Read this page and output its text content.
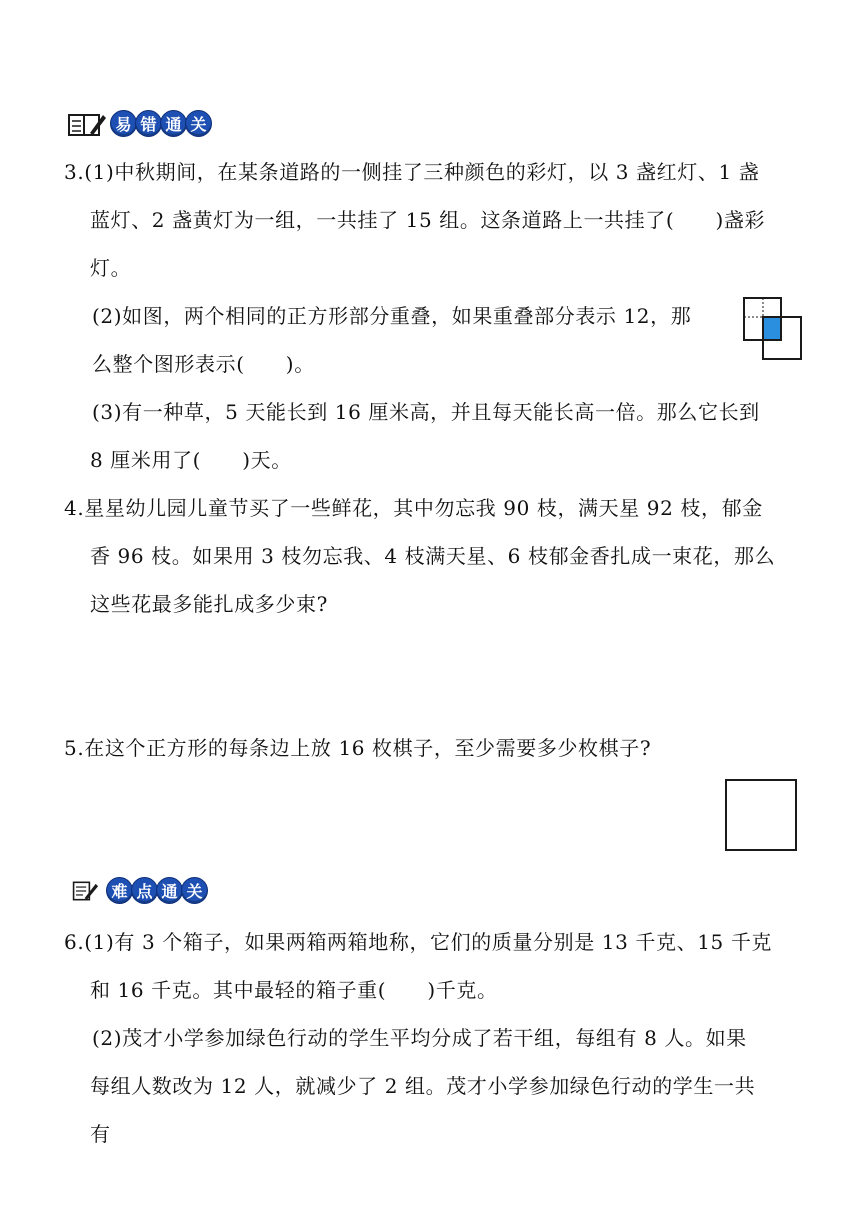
易 错 通 关
3.(1)中秋期间，在某条道路的一侧挂了三种颜色的彩灯，以 3 盏红灯、1 盏
蓝灯、2 盏黄灯为一组，一共挂了 15 组。这条道路上一共挂了(　　)盏彩
灯。
(2)如图，两个相同的正方形部分重叠，如果重叠部分表示 12，那
么整个图形表示(　　)。
(3)有一种草，5 天能长到 16 厘米高，并且每天能长高一倍。那么它长到
8 厘米用了(　　)天。
4.星星幼儿园儿童节买了一些鲜花，其中勿忘我 90 枝，满天星 92 枝，郁金
香 96 枝。如果用 3 枝勿忘我、4 枝满天星、6 枝郁金香扎成一束花，那么
这些花最多能扎成多少束?
5.在这个正方形的每条边上放 16 枚棋子，至少需要多少枚棋子?
难 点 通 关
6.(1)有 3 个箱子，如果两箱两箱地称，它们的质量分别是 13 千克、15 千克
和 16 千克。其中最轻的箱子重(　　)千克。
(2)茂才小学参加绿色行动的学生平均分成了若干组，每组有 8 人。如果
每组人数改为 12 人，就减少了 2 组。茂才小学参加绿色行动的学生一共
有
